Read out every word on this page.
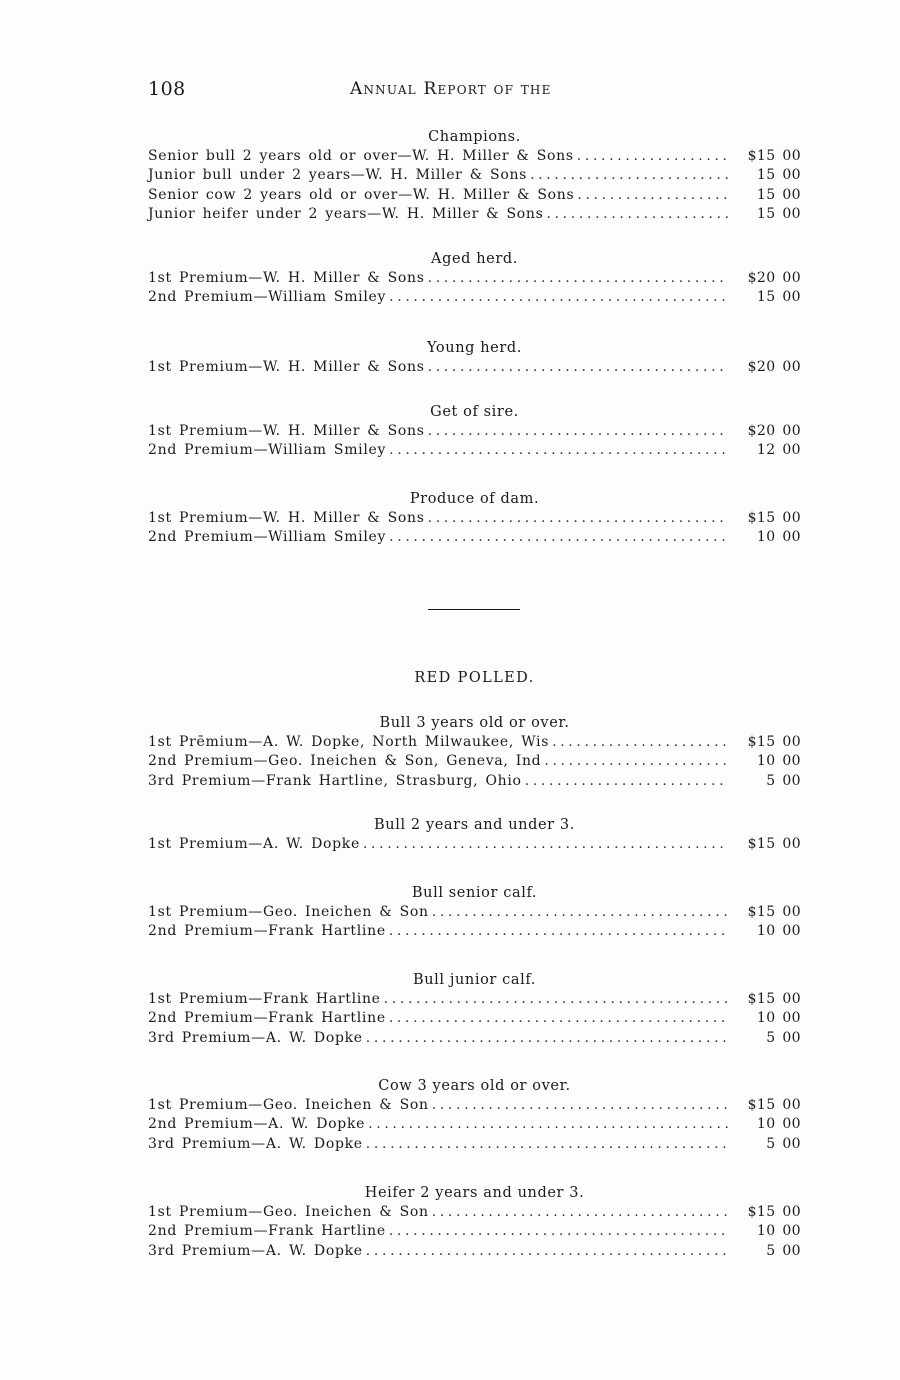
108	Annual Report of the
Champions.
Senior bull 2 years old or over—W. H. Miller & Sons . . .	$15 00
Junior bull under 2 years—W. H. Miller & Sons . . .	15 00
Senior cow 2 years old or over—W. H. Miller & Sons . . .	15 00
Junior heifer under 2 years—W. H. Miller & Sons . . .	15 00
Aged herd.
1st Premium—W. H. Miller & Sons . . .	$20 00
2nd Premium—William Smiley . . .	15 00
Young herd.
1st Premium—W. H. Miller & Sons . . .	$20 00
Get of sire.
1st Premium—W. H. Miller & Sons . . .	$20 00
2nd Premium—William Smiley . . .	12 00
Produce of dam.
1st Premium—W. H. Miller & Sons . . .	$15 00
2nd Premium—William Smiley . . .	10 00
RED POLLED.
Bull 3 years old or over.
1st Prēmium—A. W. Dopke, North Milwaukee, Wis . . .	$15 00
2nd Premium—Geo. Ineichen & Son, Geneva, Ind . . .	10 00
3rd Premium—Frank Hartline, Strasburg, Ohio . . .	5 00
Bull 2 years and under 3.
1st Premium—A. W. Dopke . . .	$15 00
Bull senior calf.
1st Premium—Geo. Ineichen & Son . . .	$15 00
2nd Premium—Frank Hartline . . .	10 00
Bull junior calf.
1st Premium—Frank Hartline . . .	$15 00
2nd Premium—Frank Hartline . . .	10 00
3rd Premium—A. W. Dopke . . .	5 00
Cow 3 years old or over.
1st Premium—Geo. Ineichen & Son . . .	$15 00
2nd Premium—A. W. Dopke . . .	10 00
3rd Premium—A. W. Dopke . . .	5 00
Heifer 2 years and under 3.
1st Premium—Geo. Ineichen & Son . . .	$15 00
2nd Premium—Frank Hartline . . .	10 00
3rd Premium—A. W. Dopke . . .	5 00
